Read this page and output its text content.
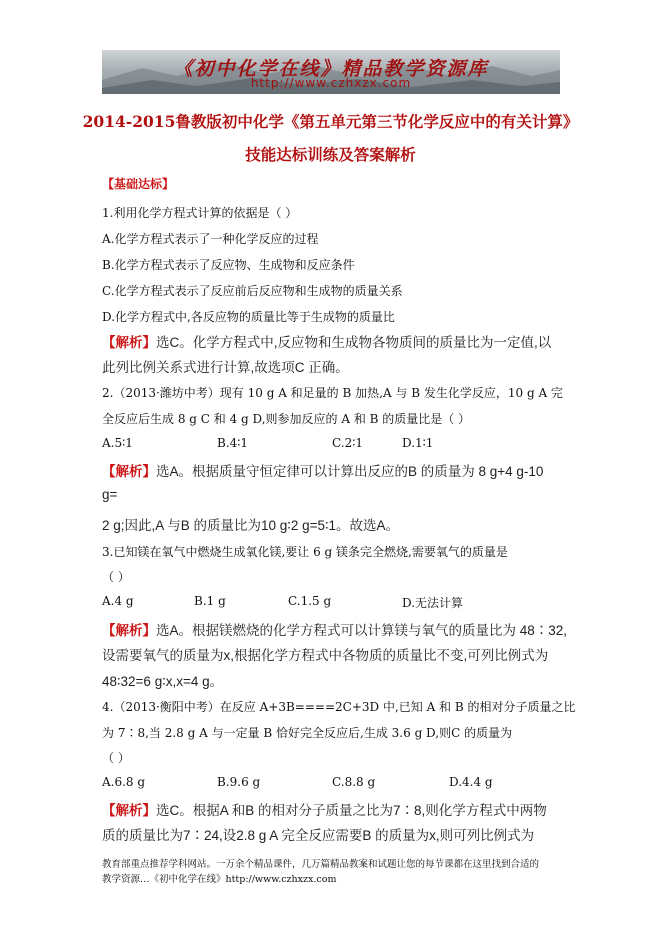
《初中化学在线》精品教学资源库
http://www.czhxzx.com
2014-2015鲁教版初中化学《第五单元第三节化学反应中的有关计算》
技能达标训练及答案解析
【基础达标】
1.利用化学方程式计算的依据是（ ）
A.化学方程式表示了一种化学反应的过程
B.化学方程式表示了反应物、生成物和反应条件
C.化学方程式表示了反应前后反应物和生成物的质量关系
D.化学方程式中,各反应物的质量比等于生成物的质量比
【解析】选C。化学方程式中,反应物和生成物各物质间的质量比为一定值,以
此列比例关系式进行计算,故选项C 正确。
2.（2013·潍坊中考）现有 10 g A 和足量的 B 加热,A 与 B 发生化学反应，10 g A 完
全反应后生成 8 g C 和 4 g D,则参加反应的 A 和 B 的质量比是（ ）
A.5∶1	B.4∶1	C.2∶1	D.1∶1
【解析】选A。根据质量守恒定律可以计算出反应的B 的质量为 8 g+4 g-10
g=
2 g;因此,A 与B 的质量比为10 g∶2 g=5∶1。故选A。
3.已知镁在氧气中燃烧生成氧化镁,要让 6 g 镁条完全燃烧,需要氧气的质量是
（ ）
A.4 g	B.1 g	C.1.5 g	D.无法计算
【解析】选A。根据镁燃烧的化学方程式可以计算镁与氧气的质量比为 48∶32,
设需要氧气的质量为x,根据化学方程式中各物质的质量比不变,可列比例式为
48∶32=6 g∶x,x=4 g。
4.（2013·衡阳中考）在反应 A+3B====2C+3D 中,已知 A 和 B 的相对分子质量之比
为 7∶8,当 2.8 g A 与一定量 B 恰好完全反应后,生成 3.6 g D,则C 的质量为
（ ）
A.6.8 g	B.9.6 g	C.8.8 g	D.4.4 g
【解析】选C。根据A 和B 的相对分子质量之比为7∶8,则化学方程式中两物
质的质量比为7∶24,设2.8 g A 完全反应需要B 的质量为x,则可列比例式为
教育部重点推荐学科网站。一万余个精品课件，几万篇精品教案和试题让您的每节课都在这里找到合适的
教学资源…《初中化学在线》http://www.czhxzx.com
